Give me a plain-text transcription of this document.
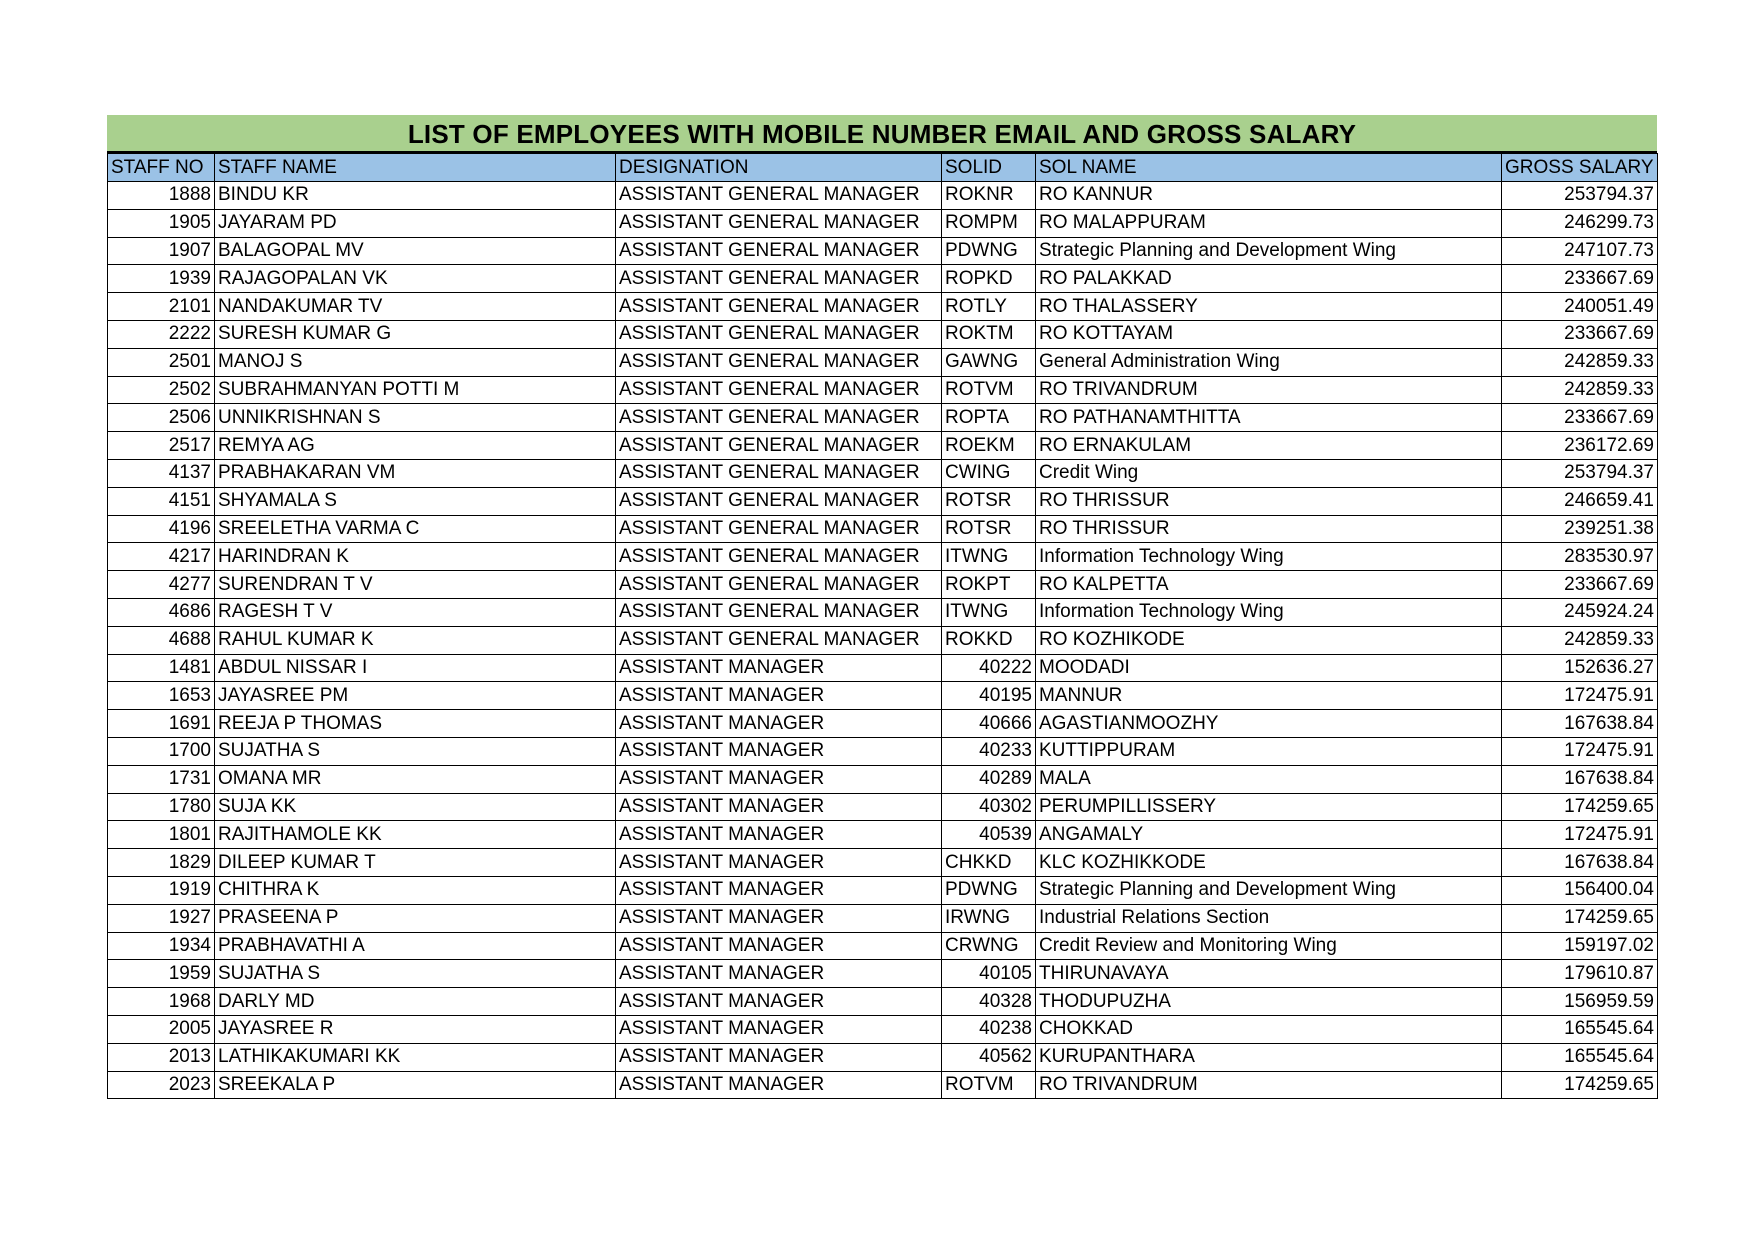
LIST OF EMPLOYEES WITH MOBILE NUMBER EMAIL AND GROSS SALARY
STAFF NO	STAFF NAME	DESIGNATION	SOLID	SOL NAME	GROSS SALARY
1888	BINDU KR	ASSISTANT GENERAL MANAGER	ROKNR	RO KANNUR	253794.37
1905	JAYARAM PD	ASSISTANT GENERAL MANAGER	ROMPM	RO MALAPPURAM	246299.73
1907	BALAGOPAL MV	ASSISTANT GENERAL MANAGER	PDWNG	Strategic Planning and Development Wing	247107.73
1939	RAJAGOPALAN VK	ASSISTANT GENERAL MANAGER	ROPKD	RO PALAKKAD	233667.69
2101	NANDAKUMAR TV	ASSISTANT GENERAL MANAGER	ROTLY	RO THALASSERY	240051.49
2222	SURESH KUMAR G	ASSISTANT GENERAL MANAGER	ROKTM	RO KOTTAYAM	233667.69
2501	MANOJ S	ASSISTANT GENERAL MANAGER	GAWNG	General Administration Wing	242859.33
2502	SUBRAHMANYAN POTTI M	ASSISTANT GENERAL MANAGER	ROTVM	RO TRIVANDRUM	242859.33
2506	UNNIKRISHNAN S	ASSISTANT GENERAL MANAGER	ROPTA	RO PATHANAMTHITTA	233667.69
2517	REMYA AG	ASSISTANT GENERAL MANAGER	ROEKM	RO ERNAKULAM	236172.69
4137	PRABHAKARAN VM	ASSISTANT GENERAL MANAGER	CWING	Credit Wing	253794.37
4151	SHYAMALA S	ASSISTANT GENERAL MANAGER	ROTSR	RO THRISSUR	246659.41
4196	SREELETHA VARMA C	ASSISTANT GENERAL MANAGER	ROTSR	RO THRISSUR	239251.38
4217	HARINDRAN K	ASSISTANT GENERAL MANAGER	ITWNG	Information Technology Wing	283530.97
4277	SURENDRAN T V	ASSISTANT GENERAL MANAGER	ROKPT	RO KALPETTA	233667.69
4686	RAGESH T V	ASSISTANT GENERAL MANAGER	ITWNG	Information Technology Wing	245924.24
4688	RAHUL KUMAR K	ASSISTANT GENERAL MANAGER	ROKKD	RO KOZHIKODE	242859.33
1481	ABDUL NISSAR I	ASSISTANT MANAGER	40222	MOODADI	152636.27
1653	JAYASREE PM	ASSISTANT MANAGER	40195	MANNUR	172475.91
1691	REEJA P THOMAS	ASSISTANT MANAGER	40666	AGASTIANMOOZHY	167638.84
1700	SUJATHA S	ASSISTANT MANAGER	40233	KUTTIPPURAM	172475.91
1731	OMANA MR	ASSISTANT MANAGER	40289	MALA	167638.84
1780	SUJA KK	ASSISTANT MANAGER	40302	PERUMPILLISSERY	174259.65
1801	RAJITHAMOLE KK	ASSISTANT MANAGER	40539	ANGAMALY	172475.91
1829	DILEEP KUMAR T	ASSISTANT MANAGER	CHKKD	KLC KOZHIKKODE	167638.84
1919	CHITHRA K	ASSISTANT MANAGER	PDWNG	Strategic Planning and Development Wing	156400.04
1927	PRASEENA P	ASSISTANT MANAGER	IRWNG	Industrial Relations Section	174259.65
1934	PRABHAVATHI A	ASSISTANT MANAGER	CRWNG	Credit Review and Monitoring Wing	159197.02
1959	SUJATHA S	ASSISTANT MANAGER	40105	THIRUNAVAYA	179610.87
1968	DARLY MD	ASSISTANT MANAGER	40328	THODUPUZHA	156959.59
2005	JAYASREE R	ASSISTANT MANAGER	40238	CHOKKAD	165545.64
2013	LATHIKAKUMARI KK	ASSISTANT MANAGER	40562	KURUPANTHARA	165545.64
2023	SREEKALA P	ASSISTANT MANAGER	ROTVM	RO TRIVANDRUM	174259.65
